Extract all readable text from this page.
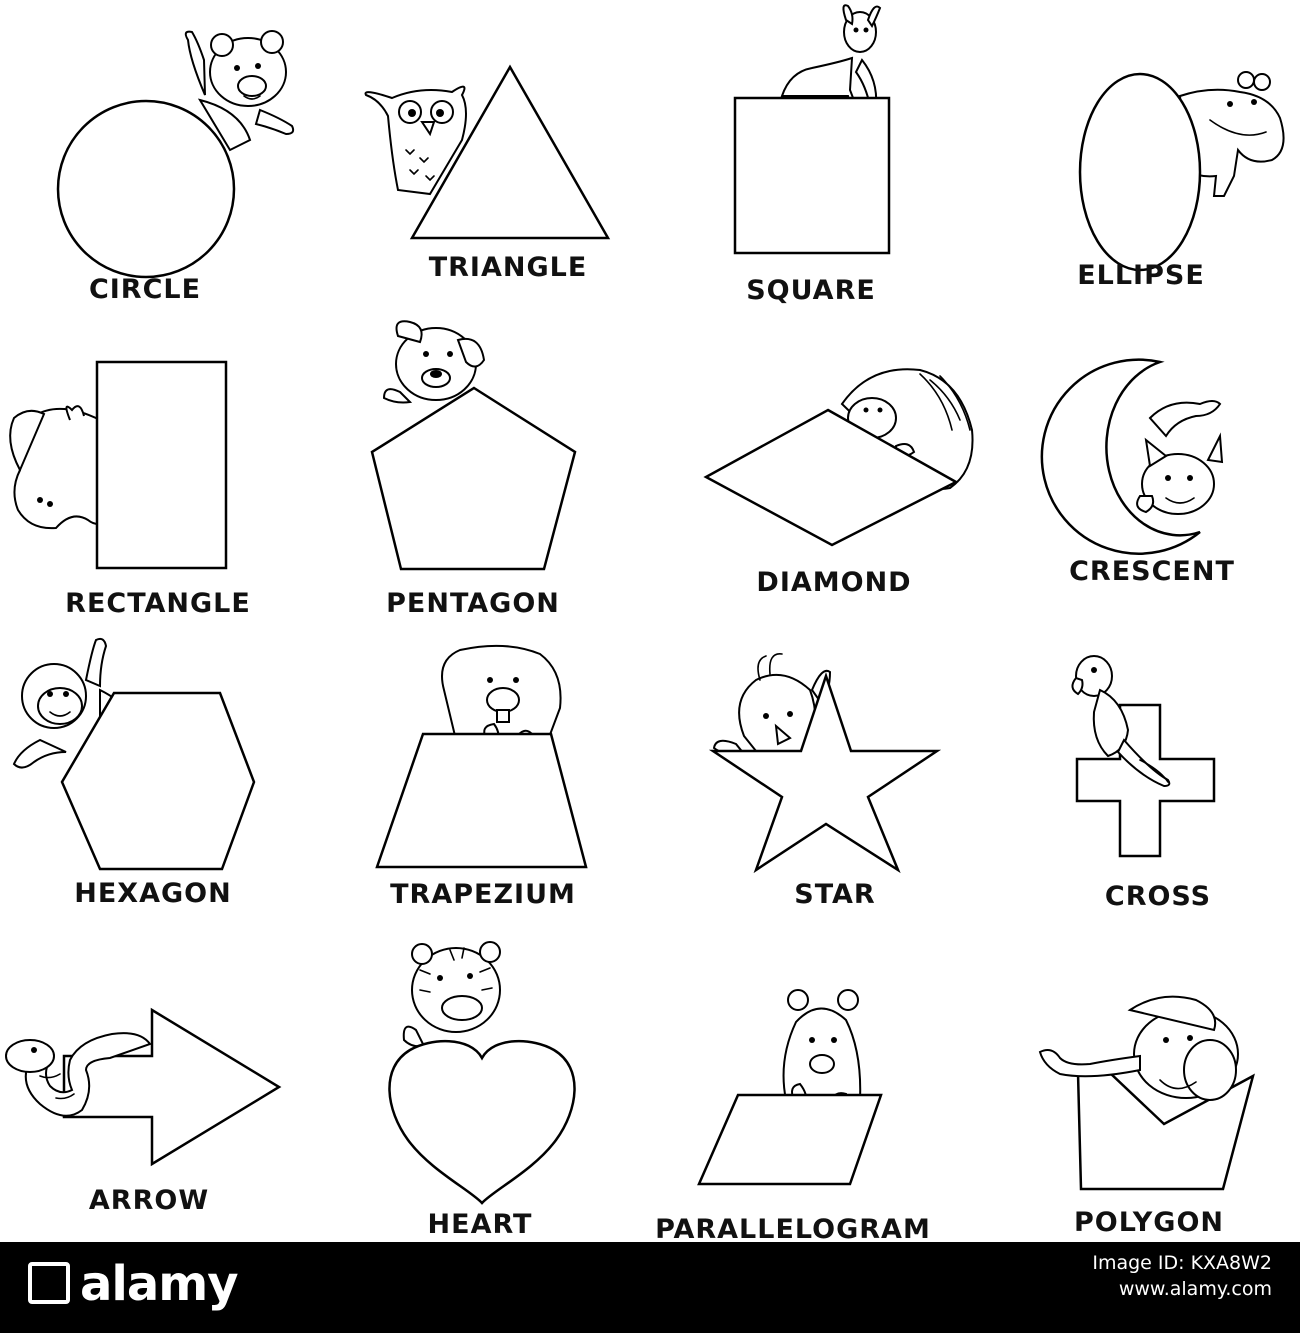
CIRCLE
TRIANGLE
SQUARE	ELLIPSE
RECTANGLE	PENTAGON
DIAMOND	CRESCENT
HEXAGON	TRAPEZIUM	STAR	CROSS
ARROW
HEART	PARALLELOGRAM	POLYGON
alamy	Image ID: KXA8W2
www.alamy.com
